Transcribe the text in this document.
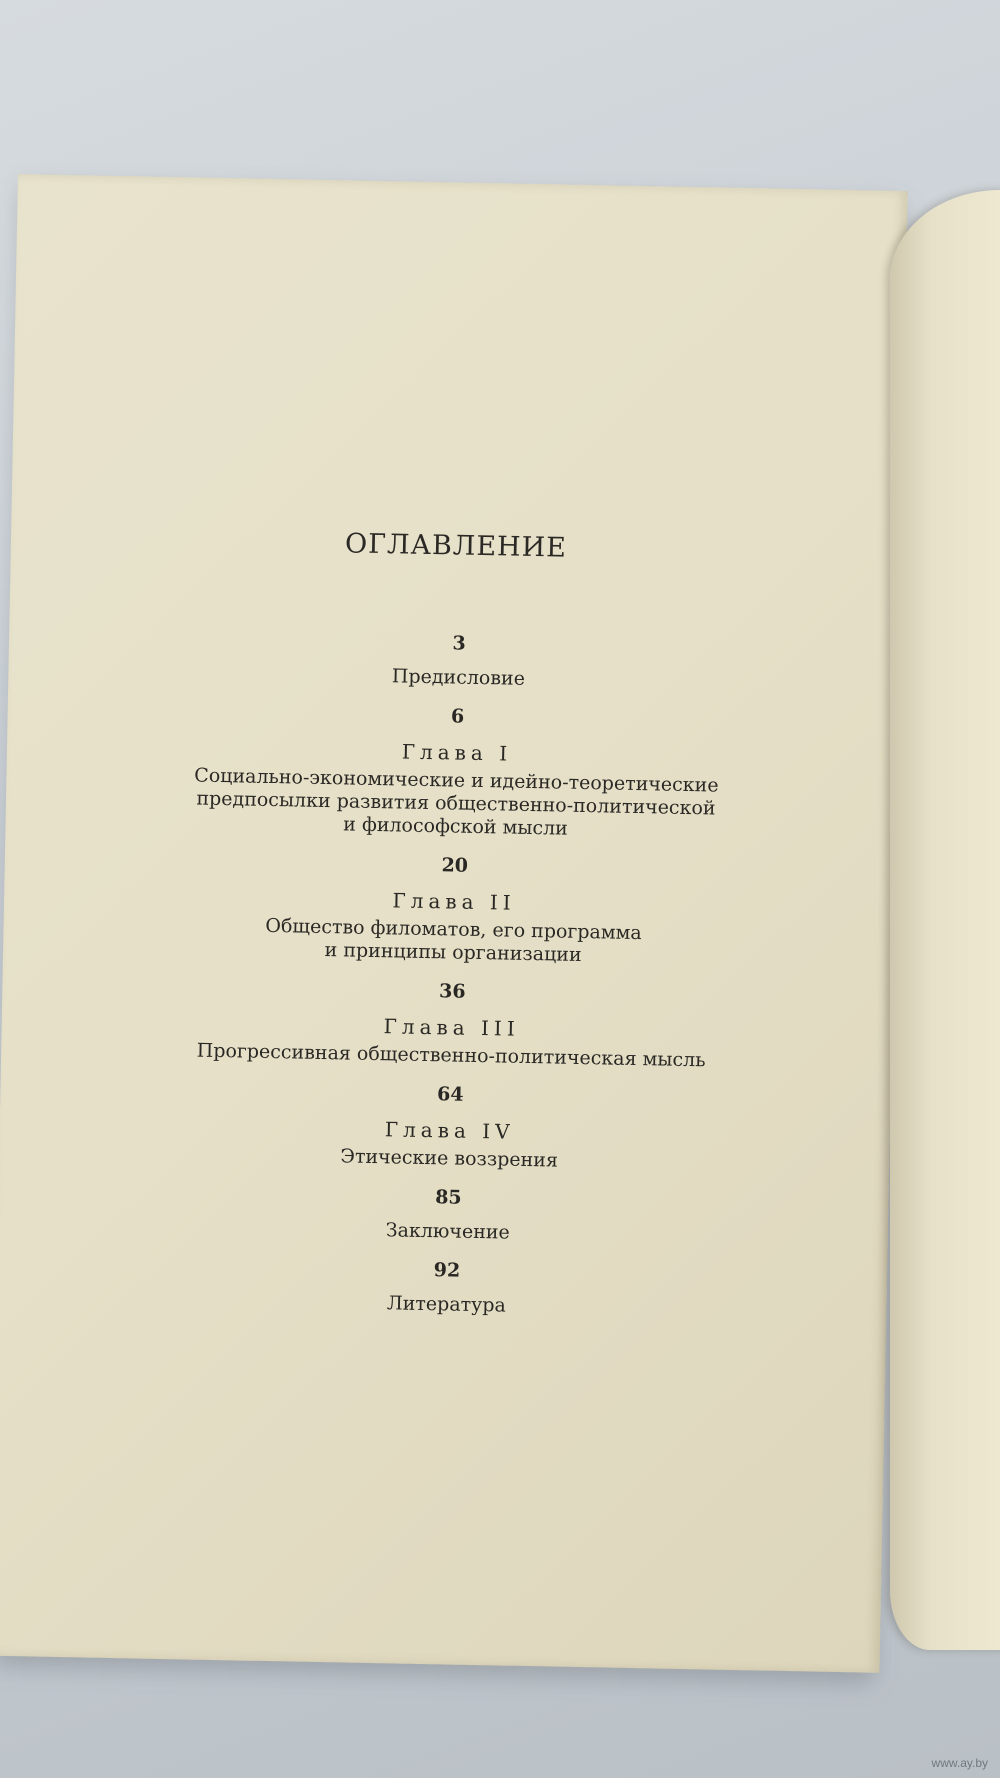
ОГЛАВЛЕНИЕ
3
Предисловие
6
Глава I
Социально-экономические и идейно-теоретические
предпосылки развития общественно-политической
и философской мысли
20
Глава II
Общество филоматов, его программа
и принципы организации
36
Глава III
Прогрессивная общественно-политическая мысль
64
Глава IV
Этические воззрения
85
Заключение
92
Литература
www.ay.by
